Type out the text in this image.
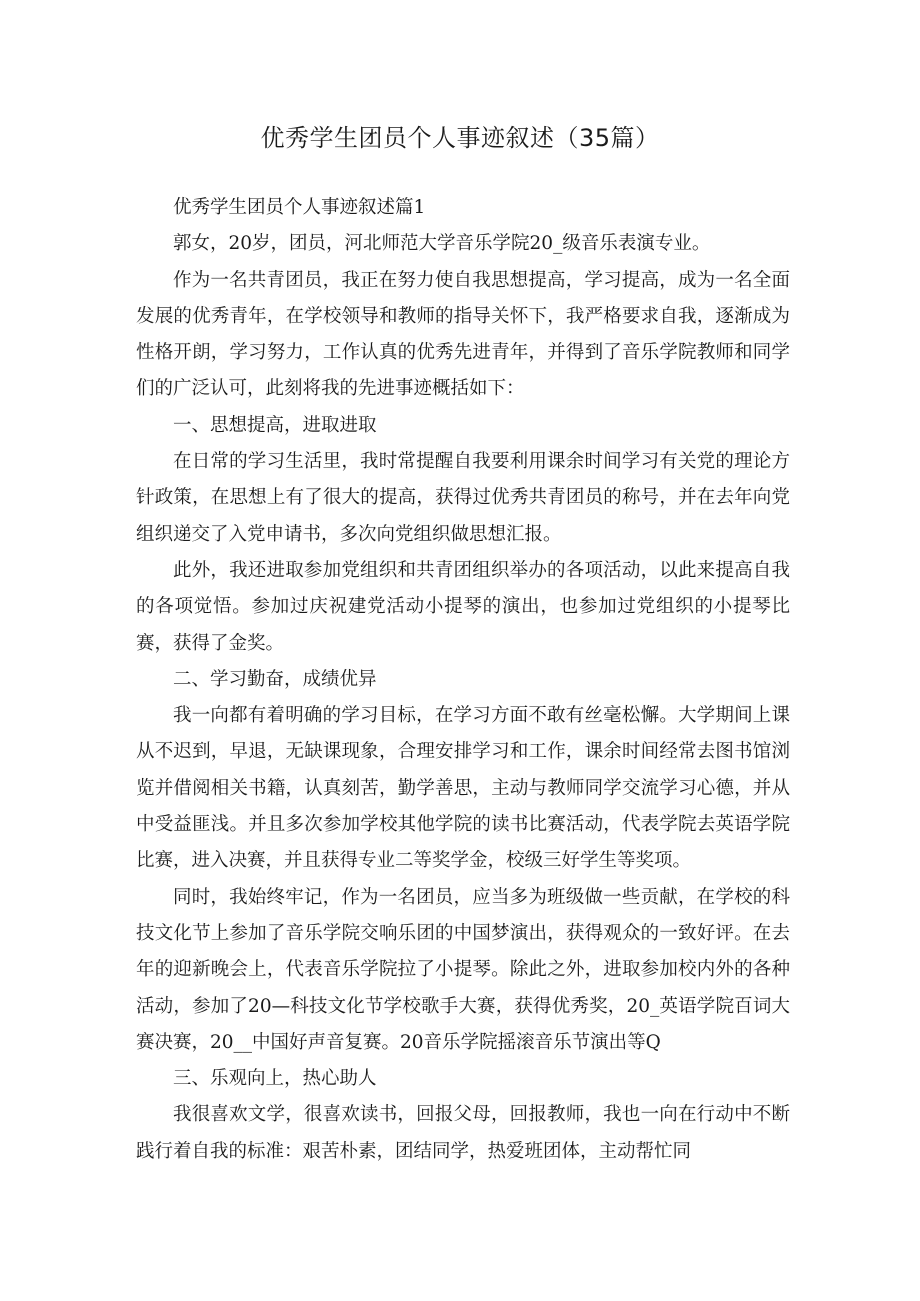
优秀学生团员个人事迹叙述（35篇）

优秀学生团员个人事迹叙述篇1

郭女，20岁，团员，河北师范大学音乐学院20_级音乐表演专业。

作为一名共青团员，我正在努力使自我思想提高，学习提高，成为一名全面发展的优秀青年，在学校领导和教师的指导关怀下，我严格要求自我，逐渐成为性格开朗，学习努力，工作认真的优秀先进青年，并得到了音乐学院教师和同学们的广泛认可，此刻将我的先进事迹概括如下：

一、思想提高，进取进取

在日常的学习生活里，我时常提醒自我要利用课余时间学习有关党的理论方针政策，在思想上有了很大的提高，获得过优秀共青团员的称号，并在去年向党组织递交了入党申请书，多次向党组织做思想汇报。

此外，我还进取参加党组织和共青团组织举办的各项活动，以此来提高自我的各项觉悟。参加过庆祝建党活动小提琴的演出，也参加过党组织的小提琴比赛，获得了金奖。

二、学习勤奋，成绩优异

我一向都有着明确的学习目标，在学习方面不敢有丝毫松懈。大学期间上课从不迟到，早退，无缺课现象，合理安排学习和工作，课余时间经常去图书馆浏览并借阅相关书籍，认真刻苦，勤学善思，主动与教师同学交流学习心德，并从中受益匪浅。并且多次参加学校其他学院的读书比赛活动，代表学院去英语学院比赛，进入决赛，并且获得专业二等奖学金，校级三好学生等奖项。

同时，我始终牢记，作为一名团员，应当多为班级做一些贡献，在学校的科技文化节上参加了音乐学院交响乐团的中国梦演出，获得观众的一致好评。在去年的迎新晚会上，代表音乐学院拉了小提琴。除此之外，进取参加校内外的各种活动，参加了20—科技文化节学校歌手大赛，获得优秀奖，20_英语学院百词大赛决赛，20__中国好声音复赛。20音乐学院摇滚音乐节演出等Q

三、乐观向上，热心助人

我很喜欢文学，很喜欢读书，回报父母，回报教师，我也一向在行动中不断践行着自我的标准：艰苦朴素，团结同学，热爱班团体，主动帮忙同
